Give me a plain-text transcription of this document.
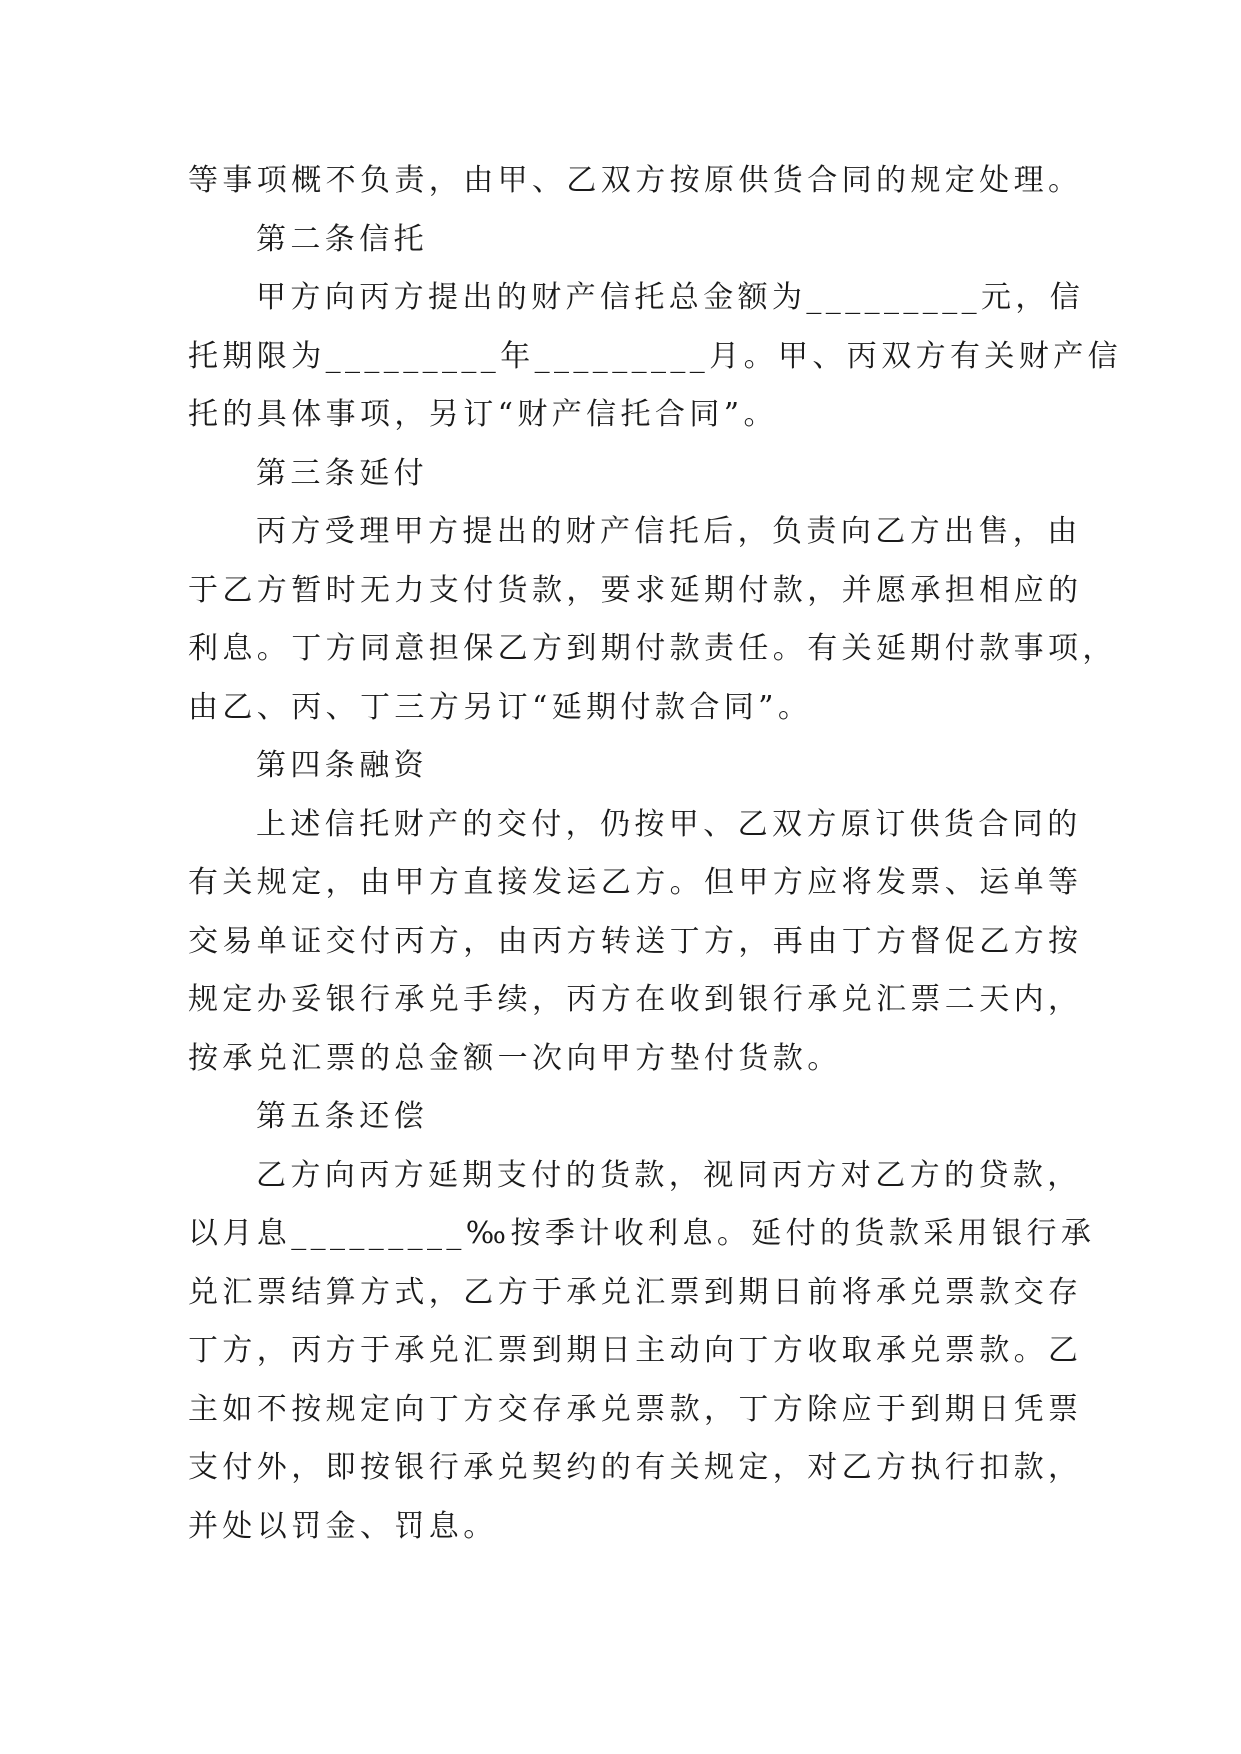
等事项概不负责，由甲、乙双方按原供货合同的规定处理。
第二条信托
甲方向丙方提出的财产信托总金额为_________元，信
托期限为_________年_________月。甲、丙双方有关财产信
托的具体事项，另订“财产信托合同”。
第三条延付
丙方受理甲方提出的财产信托后，负责向乙方出售，由
于乙方暂时无力支付货款，要求延期付款，并愿承担相应的
利息。丁方同意担保乙方到期付款责任。有关延期付款事项，
由乙、丙、丁三方另订“延期付款合同”。
第四条融资
上述信托财产的交付，仍按甲、乙双方原订供货合同的
有关规定，由甲方直接发运乙方。但甲方应将发票、运单等
交易单证交付丙方，由丙方转送丁方，再由丁方督促乙方按
规定办妥银行承兑手续，丙方在收到银行承兑汇票二天内，
按承兑汇票的总金额一次向甲方垫付货款。
第五条还偿
乙方向丙方延期支付的货款，视同丙方对乙方的贷款，
以月息_________‰按季计收利息。延付的货款采用银行承
兑汇票结算方式，乙方于承兑汇票到期日前将承兑票款交存
丁方，丙方于承兑汇票到期日主动向丁方收取承兑票款。乙
主如不按规定向丁方交存承兑票款，丁方除应于到期日凭票
支付外，即按银行承兑契约的有关规定，对乙方执行扣款，
并处以罚金、罚息。
